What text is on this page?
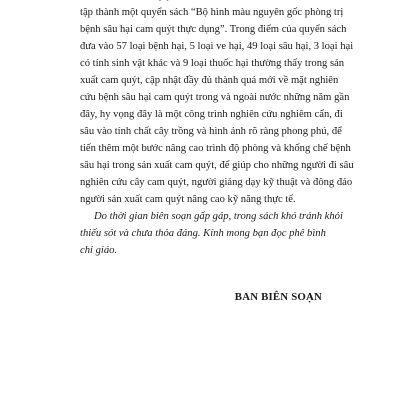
tập thành một quyển sách “Bộ hình màu nguyên gốc phòng trị
bệnh sâu hại cam quýt thực dụng”. Trong điểm của quyển sách
đưa vào 57 loại bệnh hại, 5 loại ve hại, 49 loại sâu hại, 3 loại hại
có tính sinh vật khác và 9 loại thuốc hại thường thấy trong sản
xuất cam quýt, cập nhật đầy đủ thành quả mới về mặt nghiên
cứu bệnh sâu hại cam quýt trong và ngoài nước những năm gần
đây, hy vọng đây là một công trình nghiên cứu nghiêm cẩn, đi
sâu vào tính chất cây trồng và hình ảnh rõ ràng phong phú, để
tiến thêm một bước nâng cao trình độ phòng và khống chế bệnh
sâu hại trong sản xuất cam quýt, để giúp cho những người đi sâu
nghiên cứu cây cam quýt, người giảng dạy kỹ thuật và đông đảo
người sản xuất cam quýt nâng cao kỹ năng thực tế.

Do thời gian biên soạn gấp gáp, trong sách khó tránh khỏi
thiếu sót và chưa thỏa đáng. Kính mong bạn đọc phê bình
chỉ giáo.

BAN BIÊN SOẠN
